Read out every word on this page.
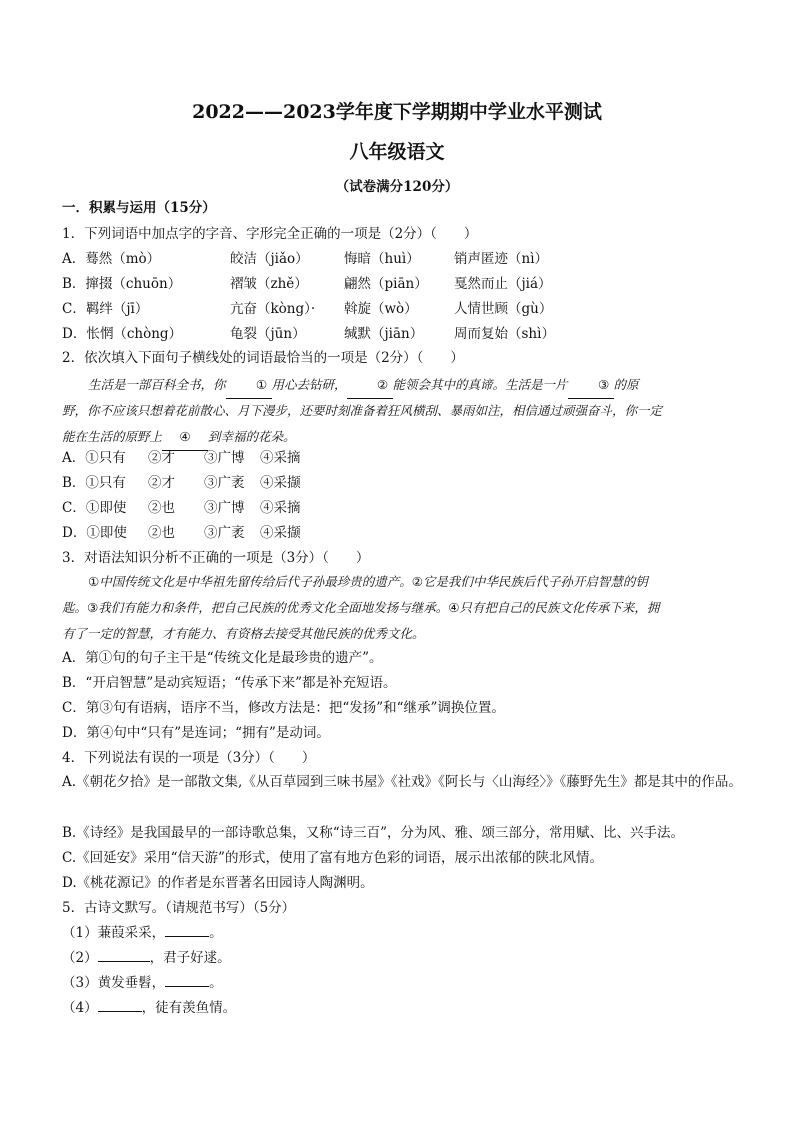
2022——2023学年度下学期期中学业水平测试
八年级语文
（试卷满分120分）
一．积累与运用（15分）
1．下列词语中加点字的字音、字形完全正确的一项是（2分）（　　）
A．蓦然（mò）	皎洁（jiǎo）	悔暗（huì）	销声匿迹（nì）
B．撺掇（chuōn）	褶皱（zhě）	翩然（piān） 戛然而止（jiá）
C．羁绊（jī）	亢奋（kòng）· 斡旋（wò）	人情世顾（gù）
D．怅惘（chòng）	龟裂（jūn）	缄默（jiān） 周而复始（shì）
2．依次填入下面句子横线处的词语最恰当的一项是（2分）（　　）
生活是一部百科全书，你 ① 用心去钻研， ② 能领会其中的真谛。生活是一片 ③ 的原
野，你不应该只想着花前散心、月下漫步，还要时刻准备着狂风横刮、暴雨如注，相信通过顽强奋斗，你一定
能在生活的原野上 ④ 到幸福的花朵。
A．①只有 ②才 ③广博 ④采摘
B．①只有 ②才 ③广袤 ④采撷
C．①即使 ②也 ③广博 ④采摘
D．①即使 ②也 ③广袤 ④采撷
3．对语法知识分析不正确的一项是（3分）（　　）
①中国传统文化是中华祖先留传给后代子孙最珍贵的遗产。②它是我们中华民族后代子孙开启智慧的钥
匙。③我们有能力和条件，把自己民族的优秀文化全面地发扬与继承。④只有把自己的民族文化传承下来，拥
有了一定的智慧，才有能力、有资格去接受其他民族的优秀文化。
A．第①句的句子主干是“传统文化是最珍贵的遗产”。
B．“开启智慧”是动宾短语；“传承下来”都是补充短语。
C．第③句有语病，语序不当，修改方法是：把“发扬”和“继承”调换位置。
D．第④句中“只有”是连词；“拥有”是动词。
4．下列说法有误的一项是（3分）（　　）
A.《朝花夕拾》是一部散文集,《从百草园到三味书屋》《社戏》《阿长与〈山海经〉》《藤野先生》都是其中的作品。
B.《诗经》是我国最早的一部诗歌总集，又称“诗三百”，分为风、雅、颂三部分，常用赋、比、兴手法。
C.《回延安》采用“信天游”的形式，使用了富有地方色彩的词语，展示出浓郁的陕北风情。
D.《桃花源记》的作者是东晋著名田园诗人陶渊明。
5．古诗文默写。（请规范书写）（5分）
（1）蒹葭采采，	。
（2）	，君子好逑。
（3）黄发垂髫，	。
（4）	，徒有羡鱼情。
